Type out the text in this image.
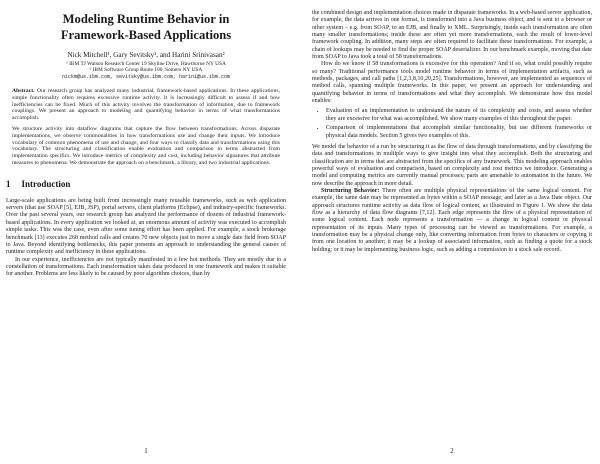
Modeling Runtime Behavior in
Framework-Based Applications
Nick Mitchell¹, Gary Sevitsky¹, and Harini Srinivasan²
¹ IBM TJ Watson Research Center 19 Skyline Drive, Hawthorne NY USA
² IBM Software Group Route 100, Somers NY USA
nickm@us.ibm.com, sevitsky@us.ibm.com, harini@us.ibm.com

Abstract. Our research group has analyzed many industrial, framework-based applications. In these applications, simple functionality often requires excessive runtime activity. It is increasingly difficult to assess if and how inefficiencies can be fixed. Much of this activity involves the transformation of information, due to framework couplings. We present an approach to modeling and quantifying behavior in terms of what transformations accomplish.

We structure activity into dataflow diagrams that capture the flow between transformations. Across disparate implementations, we observe commonalities in how transformations use and change their inputs. We introduce vocabulary of common phenomena of use and change, and four ways to classify data and transformations using this vocabulary. The structuring and classification enable evaluation and comparison in terms abstracted from implementation specifics. We introduce metrics of complexity and cost, including behavior signatures that attribute measures to phenomena. We demonstrate the approach on a benchmark, a library, and two industrial applications.

1 Introduction

Large-scale applications are being built from increasingly many reusable frameworks, such as web application servers (that use SOAP [5], EJB, JSP), portal servers, client platforms (Eclipse), and industry-specific frameworks. Over the past several years, our research group has analyzed the performance of dozens of industrial framework-based applications. In every application we looked at, an enormous amount of activity was executed to accomplish simple tasks. This was the case, even after some tuning effort has been applied. For example, a stock brokerage benchmark [13] executes 268 method calls and creates 70 new objects just to move a single date field from SOAP to Java. Beyond identifying bottlenecks, this paper presents an approach to understanding the general causes of runtime complexity and inefficiency in these applications.

In our experience, inefficiencies are not typically manifested in a few hot methods. They are mostly due to a constellation of transformations. Each transformation takes data produced in one framework and makes it suitable for another. Problems are less likely to be caused by poor algorithm choices, than by

1

the combined design and implementation choices made in disparate frameworks. In a web-based server application, for example, the data arrives in one format, is transformed into a Java business object, and is sent to a browser or other system – e.g. from SOAP, to an EJB, and finally to XML. Surprisingly, inside each transformation are often many smaller transformations; inside these are often yet more transformations, each the result of lower-level framework coupling. In addition, many steps are often required to facilitate these transformations. For example, a chain of lookups may be needed to find the proper SOAP deserializer. In our benchmark example, moving that date from SOAP to Java took a total of 58 transformations.

How do we know if 58 transformations is excessive for this operation? And if so, what could possibly require so many? Traditional performance tools model runtime behavior in terms of implementation artifacts, such as methods, packages, and call paths [1,2,3,8,10,20,25]. Transformations, however, are implemented as sequences of method calls, spanning multiple frameworks. In this paper, we present an approach for understanding and quantifying behavior in terms of transformations and what they accomplish. We demonstrate how this model enables:

• Evaluation of an implementation to understand the nature of its complexity and costs, and assess whether they are excessive for what was accomplished. We show many examples of this throughout the paper.
• Comparison of implementations that accomplish similar functionality, but use different frameworks or physical data models. Section 5 gives two examples of this.

We model the behavior of a run by structuring it as the flow of data through transformations, and by classifying the data and transformations in multiple ways to give insight into what they accomplish. Both the structuring and classification are in terms that are abstracted from the specifics of any framework. This modeling approach enables powerful ways of evaluation and comparison, based on complexity and cost metrics we introduce. Generating a model and computing metrics are currently manual processes; parts are amenable to automation in the future. We now describe the approach in more detail.

Structuring Behavior: There often are multiple physical representations of the same logical content. For example, the same date may be represented as bytes within a SOAP message, and later as a Java Date object. Our approach structures runtime activity as data flow of logical content, as illustrated in Figure 1. We show the data flow as a hierarchy of data flow diagrams [7,12]. Each edge represents the flow of a physical representation of some logical content. Each node represents a transformation — a change in logical content or physical representation of its inputs. Many types of processing can be viewed as transformations. For example, a transformation may be a physical change only, like converting information from bytes to characters or copying it from one location to another; it may be a lookup of associated information, such as finding a quote for a stock holding; or it may be implementing business logic, such as adding a commission to a stock sale record.

2
